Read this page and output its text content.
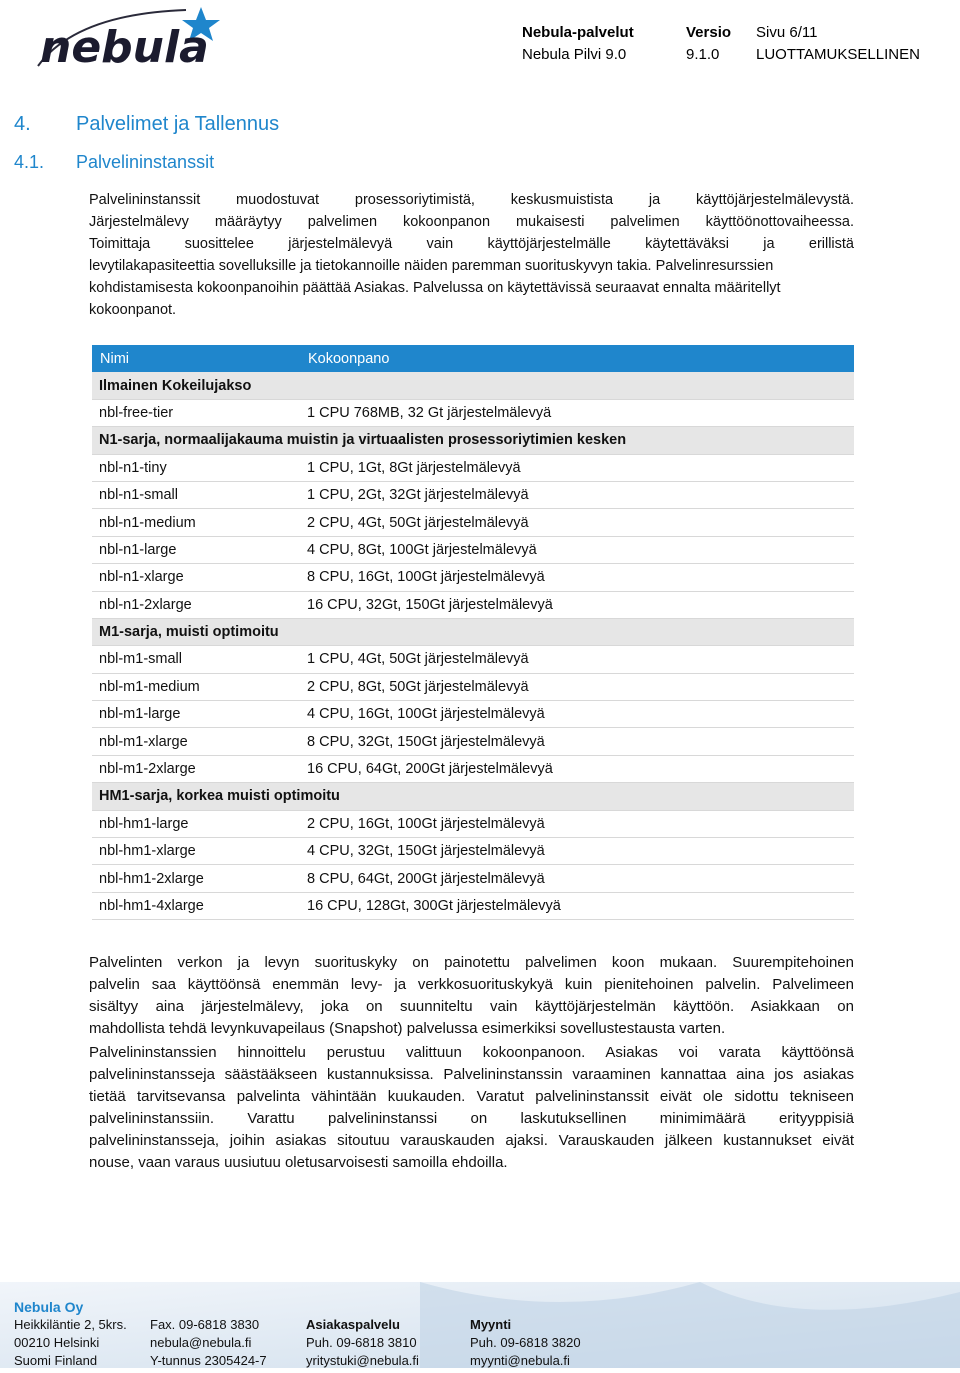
nebula	Nebula-palvelut
Nebula Pilvi 9.0
Versio
9.1.0
Sivu 6/11
LUOTTAMUKSELLINEN
4. Palvelimet ja Tallennus
4.1. Palvelininstanssit
Palvelininstanssit muodostuvat prosessoriytimistä, keskusmuistista ja käyttöjärjestelmälevystä.
Järjestelmälevy määräytyy palvelimen kokoonpanon mukaisesti palvelimen käyttöönottovaiheessa.
Toimittaja suosittelee järjestelmälevyä vain käyttöjärjestelmälle käytettäväksi ja erillistä
levytilakapasiteettia sovelluksille ja tietokannoille näiden paremman suorituskyvyn takia. Palvelinresurssien
kohdistamisesta kokoonpanoihin päättää Asiakas. Palvelussa on käytettävissä seuraavat ennalta määritellyt
kokoonpanot.
Nimi	Kokoonpano
Ilmainen Kokeilujakso
nbl-free-tier	1 CPU 768MB, 32 Gt järjestelmälevyä
N1-sarja, normaalijakauma muistin ja virtuaalisten prosessoriytimien kesken
nbl-n1-tiny	1 CPU, 1Gt, 8Gt järjestelmälevyä
nbl-n1-small	1 CPU, 2Gt, 32Gt järjestelmälevyä
nbl-n1-medium	2 CPU, 4Gt, 50Gt järjestelmälevyä
nbl-n1-large	4 CPU, 8Gt, 100Gt järjestelmälevyä
nbl-n1-xlarge	8 CPU, 16Gt, 100Gt järjestelmälevyä
nbl-n1-2xlarge	16 CPU, 32Gt, 150Gt järjestelmälevyä
M1-sarja, muisti optimoitu
nbl-m1-small	1 CPU, 4Gt, 50Gt järjestelmälevyä
nbl-m1-medium	2 CPU, 8Gt, 50Gt järjestelmälevyä
nbl-m1-large	4 CPU, 16Gt, 100Gt järjestelmälevyä
nbl-m1-xlarge	8 CPU, 32Gt, 150Gt järjestelmälevyä
nbl-m1-2xlarge	16 CPU, 64Gt, 200Gt järjestelmälevyä
HM1-sarja, korkea muisti optimoitu
nbl-hm1-large	2 CPU, 16Gt, 100Gt järjestelmälevyä
nbl-hm1-xlarge	4 CPU, 32Gt, 150Gt järjestelmälevyä
nbl-hm1-2xlarge	8 CPU, 64Gt, 200Gt järjestelmälevyä
nbl-hm1-4xlarge	16 CPU, 128Gt, 300Gt järjestelmälevyä
Palvelinten verkon ja levyn suorituskyky on painotettu palvelimen koon mukaan. Suurempitehoinen
palvelin saa käyttöönsä enemmän levy- ja verkkosuorituskykyä kuin pienitehoinen palvelin. Palvelimeen
sisältyy aina järjestelmälevy, joka on suunniteltu vain käyttöjärjestelmän käyttöön. Asiakkaan on
mahdollista tehdä levynkuvapeilaus (Snapshot) palvelussa esimerkiksi sovellustestausta varten.
Palvelininstanssien hinnoittelu perustuu valittuun kokoonpanoon. Asiakas voi varata käyttöönsä
palvelininstansseja säästääkseen kustannuksissa. Palvelininstanssin varaaminen kannattaa aina jos asiakas
tietää tarvitsevansa palvelinta vähintään kuukauden. Varatut palvelininstanssit eivät ole sidottu tekniseen
palvelininstanssiin. Varattu palvelininstanssi on laskutuksellinen minimimäärä erityyppisiä
palvelininstansseja, joihin asiakas sitoutuu varauskauden ajaksi. Varauskauden jälkeen kustannukset eivät
nouse, vaan varaus uusiutuu oletusarvoisesti samoilla ehdoilla.
Nebula Oy
Heikkiläntie 2, 5krs.
00210 Helsinki
Suomi Finland
Fax. 09-6818 3830
nebula@nebula.fi
Y-tunnus 2305424-7
Asiakaspalvelu
Puh. 09-6818 3810
yritystuki@nebula.fi
Myynti
Puh. 09-6818 3820
myynti@nebula.fi
